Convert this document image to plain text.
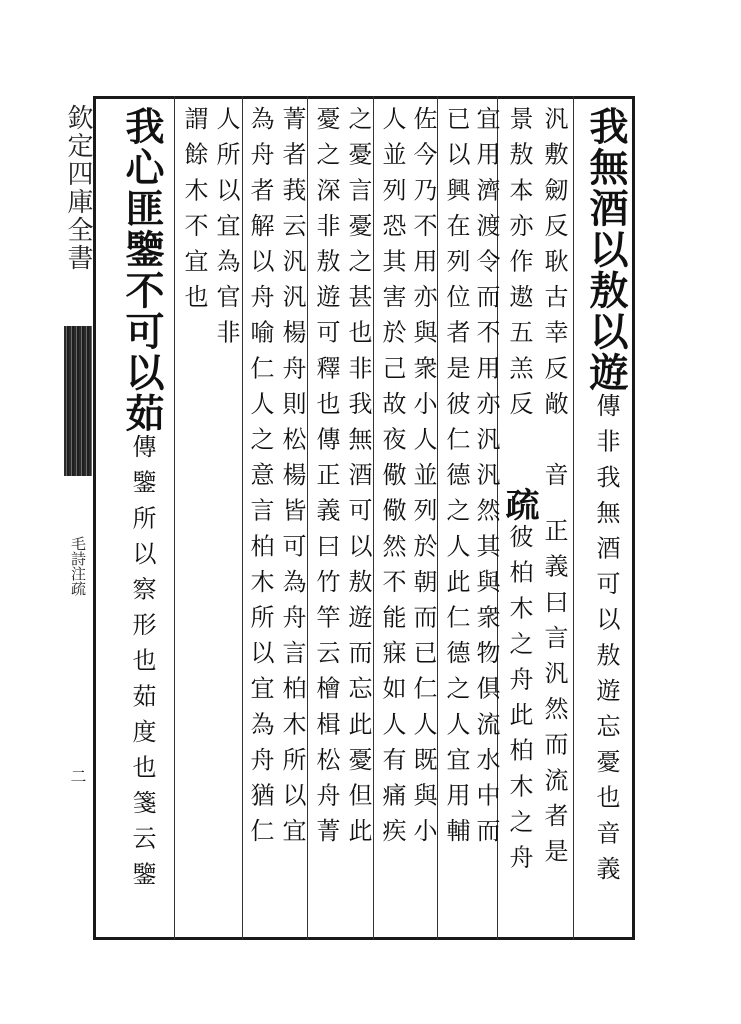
欽定四庫全書
毛詩注疏
二
我無酒以敖以遊傳非我無酒可以敖遊忘憂也音義
汎敷劒反耿古幸反敞　音
景敖本亦作遨五羔反
疏
正義曰言汎然而流者是
彼柏木之舟此柏木之舟
宜用濟渡令而不用亦汎汎然其與衆物俱流水中而
已以興在列位者是彼仁德之人此仁德之人宜用輔
佐今乃不用亦與衆小人並列於朝而已仁人既與小
人並列恐其害於己故夜儆儆然不能寐如人有痛疾
之憂言憂之甚也非我無酒可以敖遊而忘此憂但此
憂之深非敖遊可釋也傳正義曰竹竿云檜楫松舟菁
菁者莪云汎汎楊舟則松楊皆可為舟言柏木所以宜
為舟者解以舟喻仁人之意言柏木所以宜為舟猶仁
人所以宜為官非
謂餘木不宜也
我心匪鑒不可以茹傳鑒所以察形也茹度也箋云鑒
